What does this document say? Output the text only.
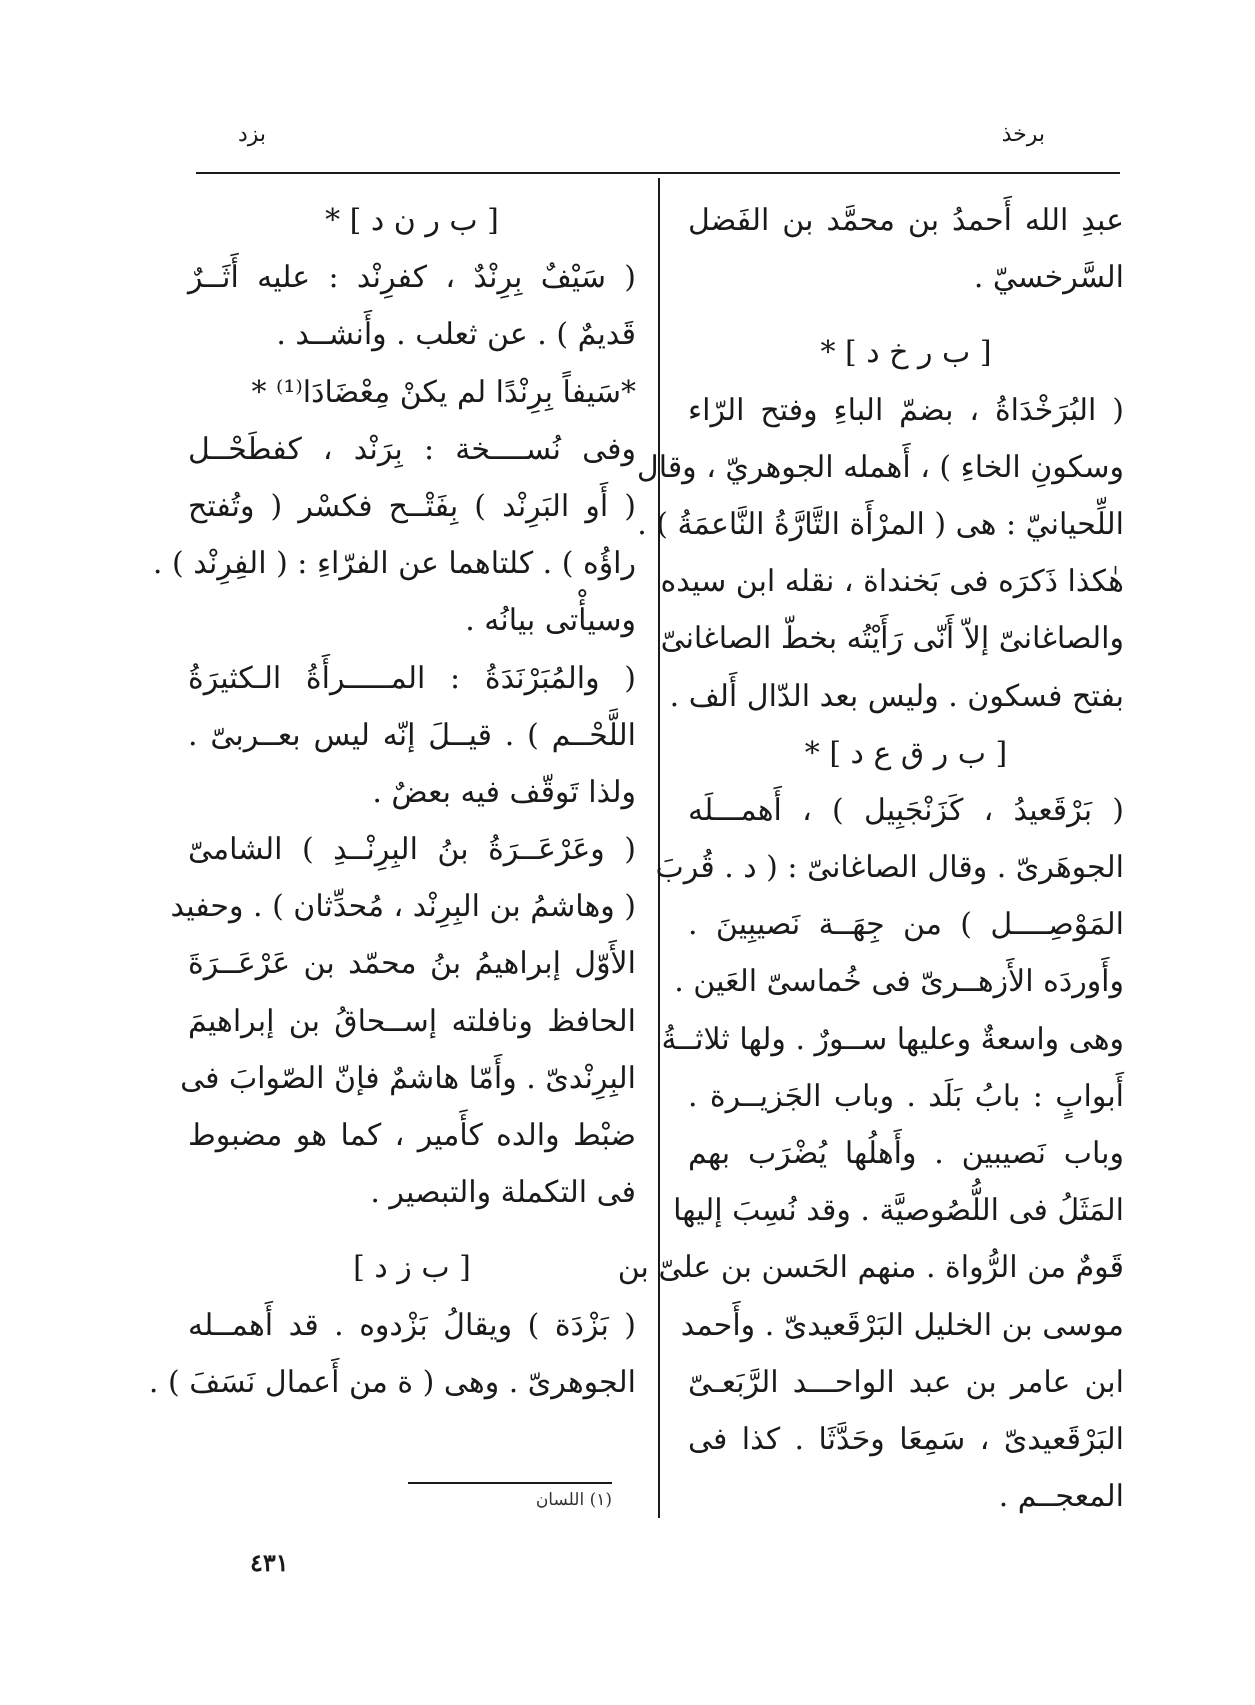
برخذ
بزد
عبدِ الله أَحمدُ بن محمَّد بن الفَضل
السَّرخسيّ .
[ ب ر خ د ] *
( البُرَخْدَاةُ ، بضمّ الباءِ وفتح الرّاء
وسكونِ الخاءِ ) ، أَهمله الجوهريّ ، وقال
اللِّحيانيّ : هى ( المرْأَة التَّارَّةُ النَّاعمَةُ ) .
هٰكذا ذَكرَه فى بَخنداة ، نقله ابن سيده
والصاغانىّ إلاّ أَنّى رَأَيْتُه بخطّ الصاغانىّ
بفتح فسكون . وليس بعد الدّال أَلف .
[ ب ر ق ع د ] *
( بَرْقَعيدُ ، كَزَنْجَبِيل ) ، أَهمـــلَه
الجوهَرىّ . وقال الصاغانىّ : ( د . قُربَ
المَوْصِــــل ) من جِهَــة نَصيبِينَ .
وأَوردَه الأَزهــرىّ فى خُماسىّ العَين .
وهى واسعةٌ وعليها ســورٌ . ولها ثلاثــةُ
أَبوابٍ : بابُ بَلَد . وباب الجَزيــرة .
وباب نَصيبين . وأَهلُها يُضْرَب بهم
المَثَلُ فى اللُّصُوصيَّة . وقد نُسِبَ إليها
قَومٌ من الرُّواة . منهم الحَسن بن علىّ بن
موسى بن الخليل البَرْقَعيدىّ . وأَحمد
ابن عامر بن عبد الواحـــد الرَّبَعـىّ
البَرْقَعيدىّ ، سَمِعَا وحَدَّثَا . كذا فى
المعجــم .
[ ب ر ن د ] *
( سَيْفٌ بِرِنْدٌ ، كفرِنْد : عليه أَثَــرٌ
قَديمٌ ) . عن ثعلب . وأَنشــد .
*سَيفاً بِرِنْدًا لم يكنْ مِعْضَادَا⁽¹⁾ *
وفى نُســــخة : بِرَنْد ، كفطَحْــل
( أَو البَرِنْد ) بِفَتْــح فكسْر ( وتُفتح
راؤُه ) . كلتاهما عن الفرّاءِ : ( الفِرِنْد ) .
وسيأْتى بيانُه .
( والمُبَرْنَدَةُ : المـــــرأَةُ الـكثيرَةُ
اللَّحْــم ) . قيــلَ إنّه ليس بعــربىّ .
ولذا تَوقّف فيه بعضٌ .
( وعَرْعَــرَةُ بنُ البِرِنْــدِ ) الشامىّ
( وهاشمُ بن البِرِنْد ، مُحدِّثان ) . وحفيد
الأَوّل إبراهيمُ بنُ محمّد بن عَرْعَــرَةَ
الحافظ ونافلته إســحاقُ بن إبراهيمَ
البِرِنْدىّ . وأَمّا هاشمٌ فإنّ الصّوابَ فى
ضبْط والده كأَمير ، كما هو مضبوط
فى التكملة والتبصير .
[ ب ز د ]
( بَزْدَة ) ويقالُ بَزْدوه . قد أَهمــله
الجوهرىّ . وهى ( ة من أَعمال نَسَفَ ) .
(١) اللسان
٤٣١
